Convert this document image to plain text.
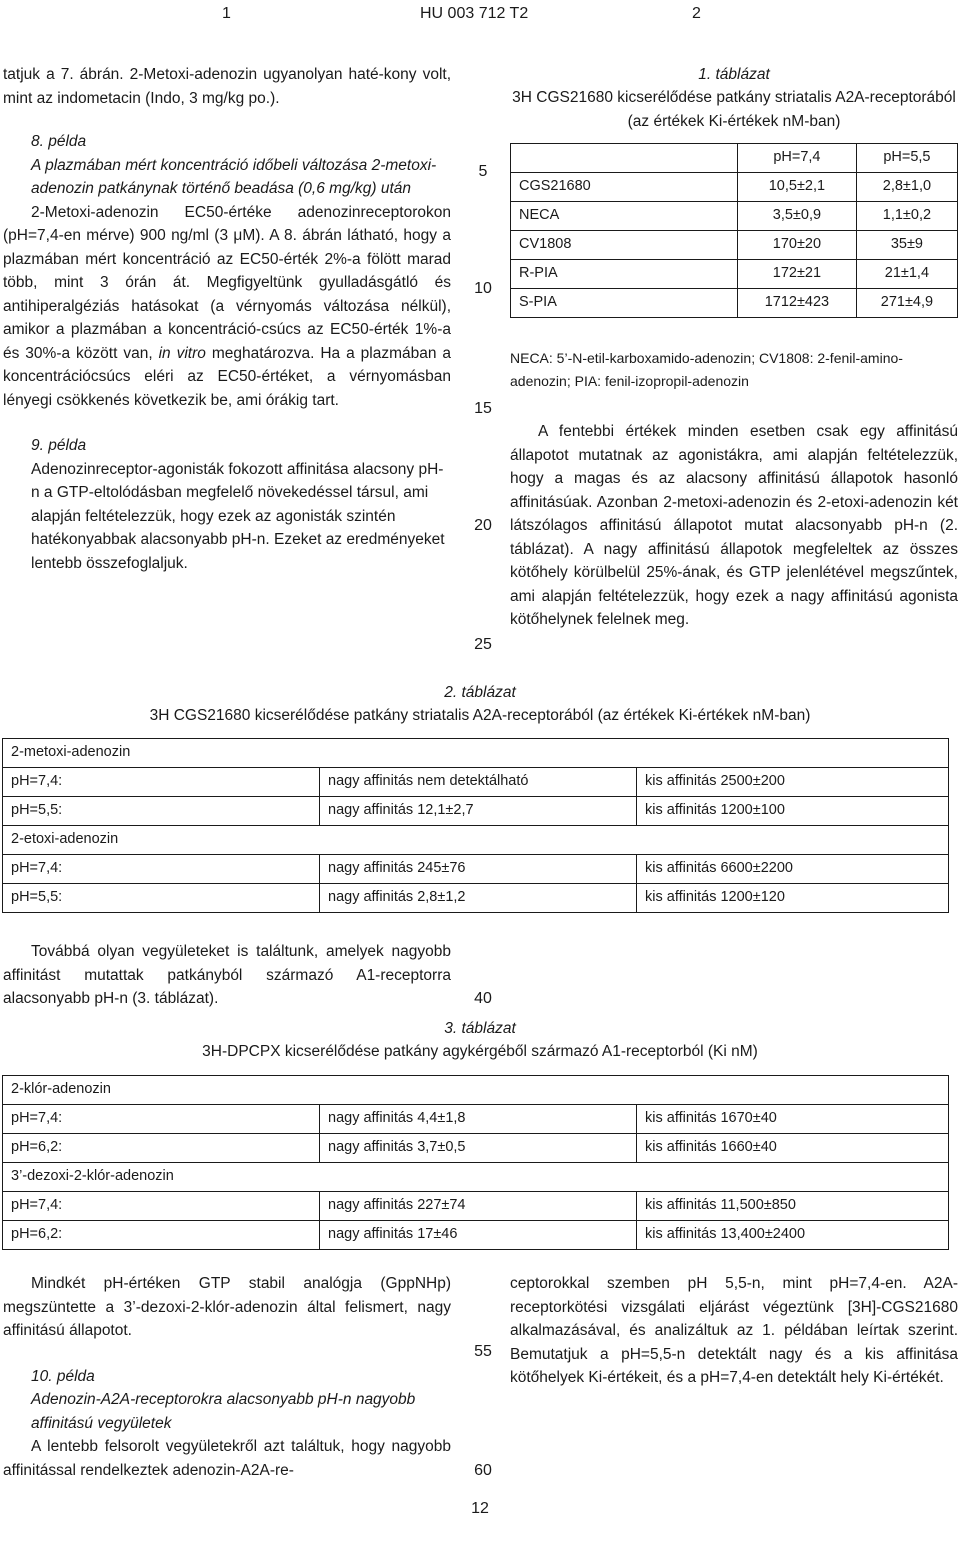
1	HU 003 712 T2	2

tatjuk a 7. ábrán. 2-Metoxi-adenozin ugyanolyan haté-kony volt, mint az indometacin (Indo, 3 mg/kg po.).

8. példa

A plazmában mért koncentráció időbeli változása 2-metoxi-adenozin patkánynak történő beadása (0,6 mg/kg) után

2-Metoxi-adenozin EC50-értéke adenozinreceptorokon (pH=7,4-en mérve) 900 ng/ml (3 μM). A 8. ábrán látható, hogy a plazmában mért koncentráció az EC50-érték 2%-a fölött marad több, mint 3 órán át. Megfigyeltünk gyulladásgátló és antihiperalgéziás hatásokat (a vérnyomás változása nélkül), amikor a plazmában a koncentráció-csúcs az EC50-érték 1%-a és 30%-a között van, in vitro meghatározva. Ha a plazmában a koncentrációcsúcs eléri az EC50-értéket, a vérnyomásban lényegi csökkenés következik be, ami órákig tart.

9. példa

Adenozinreceptor-agonisták fokozott affinitása alacsony pH-n a GTP-eltolódásban megfelelő növekedéssel társul, ami alapján feltételezzük, hogy ezek az agonisták szintén hatékonyabbak alacsonyabb pH-n. Ezeket az eredményeket lentebb összefoglaljuk.

5
10
15
20
25
40
55
60
1. táblázat
3H CGS21680 kicserélődése patkány striatalis A2A-receptorából (az értékek Ki-értékek nM-ban)
	pH=7,4	pH=5,5
CGS21680	10,5±2,1	2,8±1,0
NECA	3,5±0,9	1,1±0,2
CV1808	170±20	35±9
R-PIA	172±21	21±1,4
S-PIA	1712±423	271±4,9
NECA: 5’-N-etil-karboxamido-adenozin; CV1808: 2-fenil-amino-adenozin; PIA: fenil-izopropil-adenozin
A fentebbi értékek minden esetben csak egy affinitású állapotot mutatnak az agonistákra, ami alapján feltételezzük, hogy a magas és az alacsony affinitású állapotok hasonló affinitásúak. Azonban 2-metoxi-adenozin és 2-etoxi-adenozin két látszólagos affinitású állapotot mutat alacsonyabb pH-n (2. táblázat). A nagy affinitású állapotok megfeleltek az összes kötőhely körülbelül 25%-ának, és GTP jelenlétével megszűntek, ami alapján feltételezzük, hogy ezek a nagy affinitású agonista kötőhelynek felelnek meg.
2. táblázat
3H CGS21680 kicserélődése patkány striatalis A2A-receptorából (az értékek Ki-értékek nM-ban)
2-metoxi-adenozin		
pH=7,4:	nagy affinitás nem detektálható	kis affinitás 2500±200
pH=5,5:	nagy affinitás 12,1±2,7	kis affinitás 1200±100
2-etoxi-adenozin		
pH=7,4:	nagy affinitás 245±76	kis affinitás 6600±2200
pH=5,5:	nagy affinitás 2,8±1,2	kis affinitás 1200±120
Továbbá olyan vegyületeket is találtunk, amelyek nagyobb affinitást mutattak patkányból származó A1-receptorra alacsonyabb pH-n (3. táblázat).
3. táblázat
3H-DPCPX kicserélődése patkány agykérgéből származó A1-receptorból (Ki nM)
2-klór-adenozin		
pH=7,4:	nagy affinitás 4,4±1,8	kis affinitás 1670±40
pH=6,2:	nagy affinitás 3,7±0,5	kis affinitás 1660±40
3’-dezoxi-2-klór-adenozin		
pH=7,4:	nagy affinitás 227±74	kis affinitás 11,500±850
pH=6,2:	nagy affinitás 17±46	kis affinitás 13,400±2400

Mindkét pH-értéken GTP stabil analógja (GppNHp) megszüntette a 3’-dezoxi-2-klór-adenozin által felismert, nagy affinitású állapotot.

10. példa

Adenozin-A2A-receptorokra alacsonyabb pH-n nagyobb affinitású vegyületek

A lentebb felsorolt vegyületekről azt találtuk, hogy nagyobb affinitással rendelkeztek adenozin-A2A-re-

ceptorokkal szemben pH 5,5-n, mint pH=7,4-en. A2A-receptorkötési vizsgálati eljárást végeztünk [3H]-CGS21680 alkalmazásával, és analizáltuk az 1. példában leírtak szerint. Bemutatjuk a pH=5,5-n detektált nagy és a kis affinitása kötőhelyek Ki-értékeit, és a pH=7,4-en detektált hely Ki-értékét.
12
